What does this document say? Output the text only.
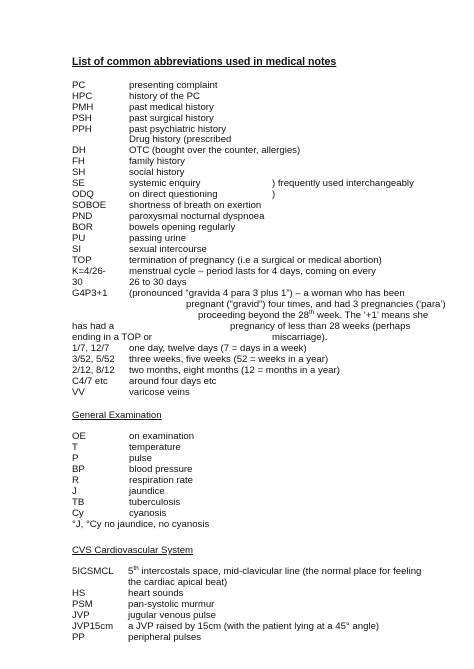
List of common abbreviations used in medical notes
PC	presenting complaint
HPC	history of the PC
PMH	past medical history
PSH	past surgical history
PPH	past psychiatric history
Drug history (prescribed
DH	OTC (bought over the counter, allergies)
FH	family history
SH	social history
SE	systemic enquiry	) frequently used interchangeably
ODQ	on direct questioning	)
SOBOE shortness of breath on exertion
PND	paroxysmal nocturnal dyspnoea
BOR	bowels opening regularly
PU	passing urine
SI	sexual intercourse
TOP	termination of pregnancy (i.e a surgical or medical abortion)
K=4/26- menstrual cycle – period lasts for 4 days, coming on every
30	26 to 30 days
G4P3+1 (pronounced “gravida 4 para 3 plus 1”) – a woman who has been
pregnant (“gravid”) four times, and had 3 pregnancies (‘para’)
proceeding beyond the 28th week. The ‘+1’ means she
has had a	pregnancy of less than 28 weeks (perhaps
ending in a TOP or	miscarriage).
1/7, 12/7 one day, twelve days (7 = days in a week)
3/52, 5/52 three weeks, five weeks (52 = weeks in a year)
2/12, 8/12 two months, eight months (12 = months in a year)
C4/7 etc around four days etc
VV	varicose veins
General Examination
OE	on examination
T	temperature
P	pulse
BP	blood pressure
R	respiration rate
J	jaundice
TB	tuberculosis
Cy	cyanosis
°J, °Cy no jaundice, no cyanosis
CVS Cardiovascular System
5ICSMCL 5th intercostals space, mid-clavicular line (the normal place for feeling
the cardiac apical beat)
HS	heart sounds
PSM	pan-systolic murmur
JVP	jugular venous pulse
JVP15cm a JVP raised by 15cm (with the patient lying at a 45° angle)
PP	peripheral pulses
